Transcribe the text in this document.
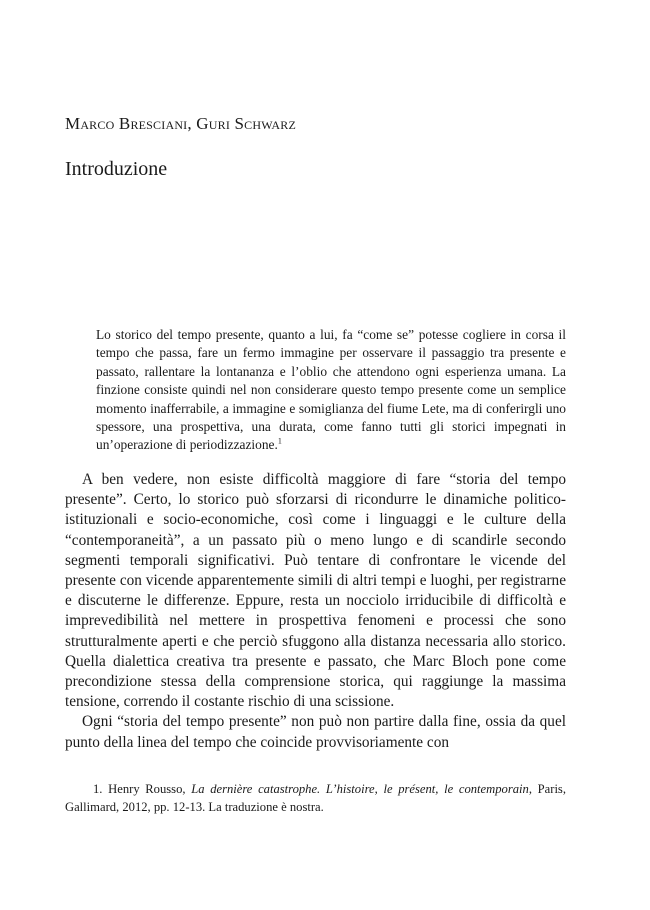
Marco Bresciani, Guri Schwarz
Introduzione
Lo storico del tempo presente, quanto a lui, fa “come se” potesse cogliere in corsa il tempo che passa, fare un fermo immagine per osservare il passaggio tra presente e passato, rallentare la lontananza e l’oblio che attendono ogni esperienza umana. La finzione consiste quindi nel non considerare questo tempo presente come un semplice momento inafferrabile, a immagine e somiglianza del fiume Lete, ma di conferirgli uno spessore, una prospettiva, una durata, come fanno tutti gli storici impegnati in un’operazione di periodizzazione.$^1$

A ben vedere, non esiste difficoltà maggiore di fare “storia del tempo presente”. Certo, lo storico può sforzarsi di ricondurre le dinamiche politico-istituzionali e socio-economiche, così come i linguaggi e le culture della “contemporaneità”, a un passato più o meno lungo e di scandirle secondo segmenti temporali significativi. Può tentare di confrontare le vicende del presente con vicende apparentemente simili di altri tempi e luoghi, per registrarne e discuterne le differenze. Eppure, resta un nocciolo irriducibile di difficoltà e imprevedibilità nel mettere in prospettiva fenomeni e processi che sono strutturalmente aperti e che perciò sfuggono alla distanza necessaria allo storico. Quella dialettica creativa tra presente e passato, che Marc Bloch pone come precondizione stessa della comprensione storica, qui raggiunge la massima tensione, correndo il costante rischio di una scissione.

Ogni “storia del tempo presente” non può non partire dalla fine, ossia da quel punto della linea del tempo che coincide provvisoriamente con

1. Henry Rousso, La dernière catastrophe. L’histoire, le présent, le contemporain, Paris, Gallimard, 2012, pp. 12-13. La traduzione è nostra.
